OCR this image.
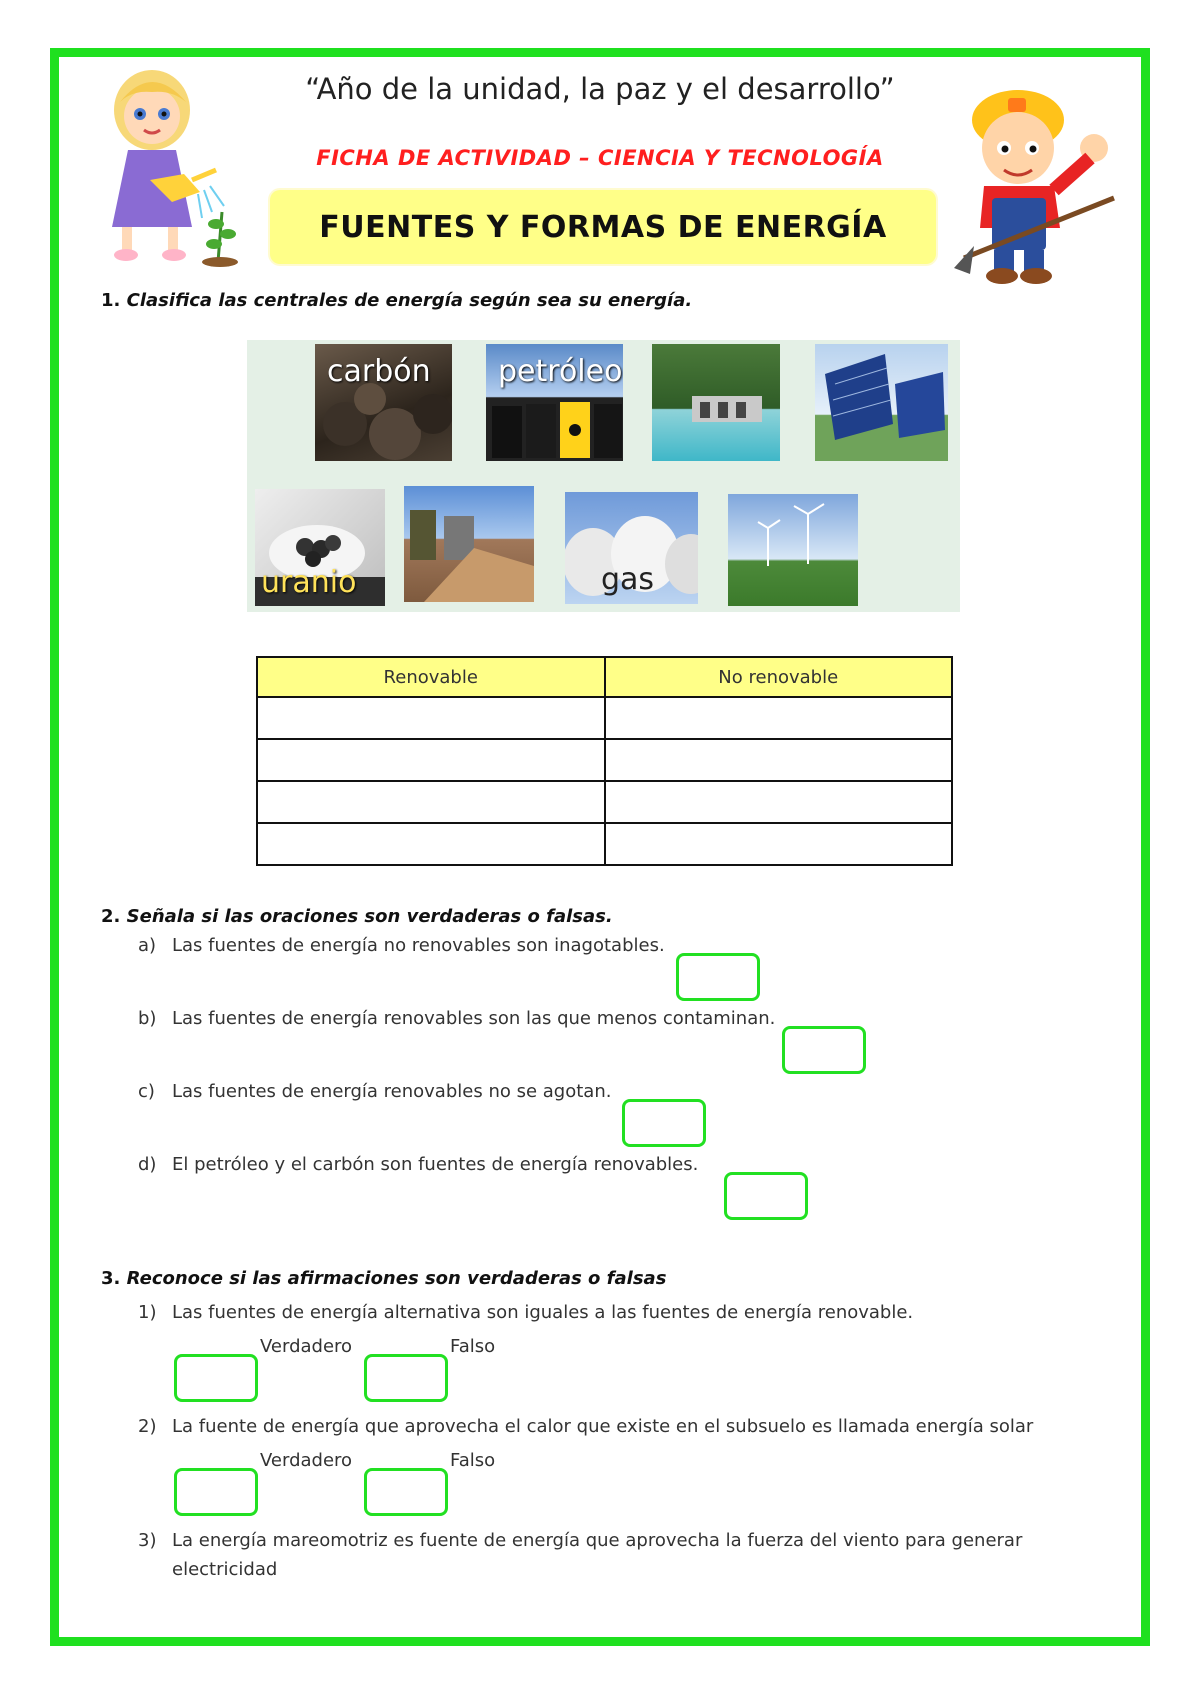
“Año de la unidad, la paz y el desarrollo”
FICHA DE ACTIVIDAD – CIENCIA Y TECNOLOGÍA
FUENTES Y FORMAS DE ENERGÍA
1. Clasifica las centrales de energía según sea su energía.
carbón petróleo
uranio	gas
Renovable	No renovable

2. Señala si las oraciones son verdaderas o falsas.
a) Las fuentes de energía no renovables son inagotables.
b) Las fuentes de energía renovables son las que menos contaminan.
c) Las fuentes de energía renovables no se agotan.
d) El petróleo y el carbón son fuentes de energía renovables.
3. Reconoce si las afirmaciones son verdaderas o falsas
1) Las fuentes de energía alternativa son iguales a las fuentes de energía renovable.
Verdadero	Falso
2) La fuente de energía que aprovecha el calor que existe en el subsuelo es llamada energía solar
Verdadero	Falso
3) La energía mareomotriz es fuente de energía que aprovecha la fuerza del viento para generar
electricidad
